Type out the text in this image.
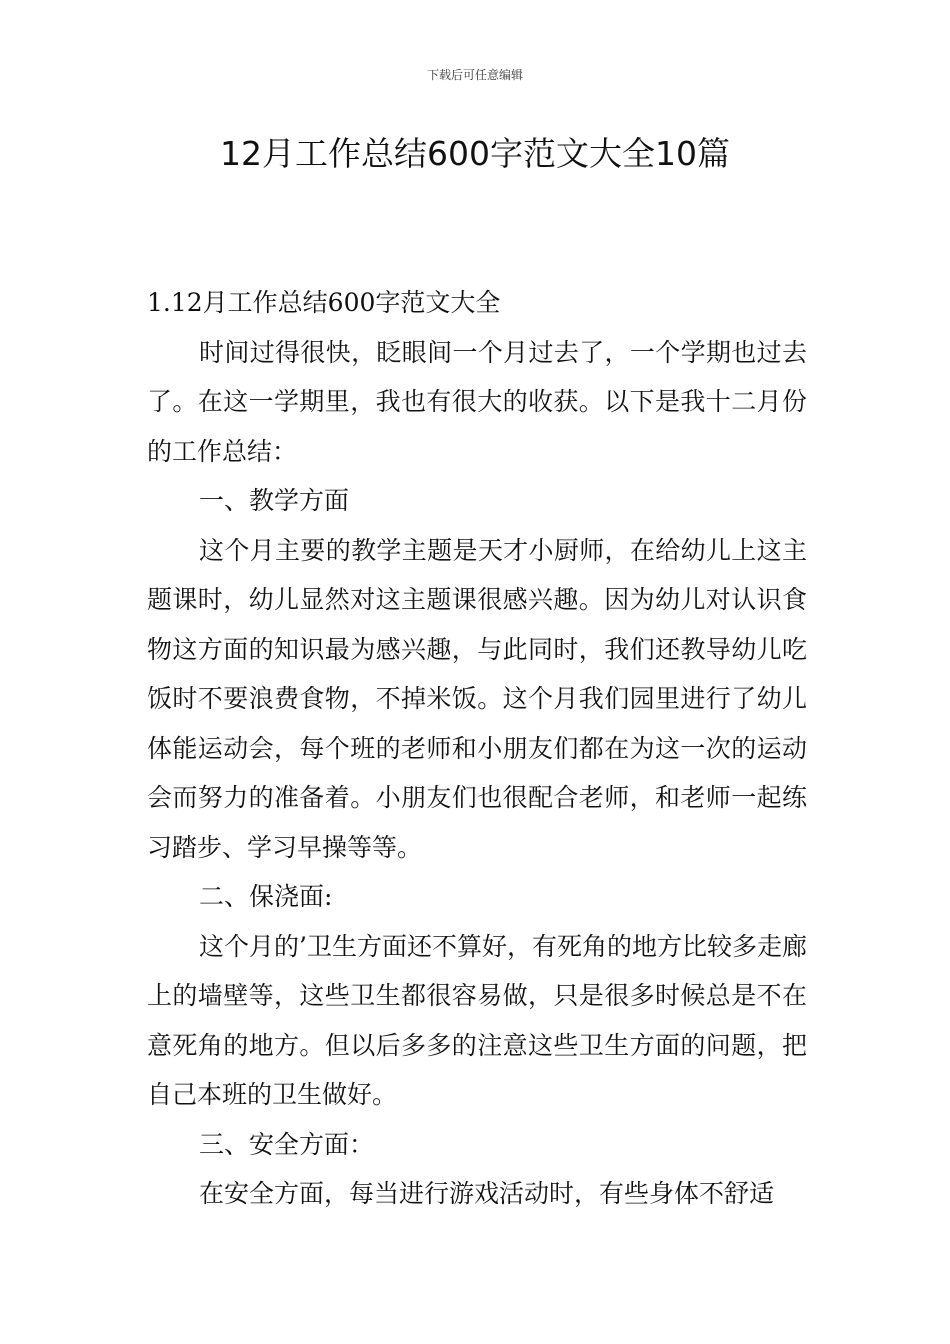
下载后可任意编辑
12月工作总结600字范文大全10篇

1.12月工作总结600字范文大全

时间过得很快，眨眼间一个月过去了，一个学期也过去了。在这一学期里，我也有很大的收获。以下是我十二月份的工作总结：

一、教学方面

这个月主要的教学主题是天才小厨师，在给幼儿上这主题课时，幼儿显然对这主题课很感兴趣。因为幼儿对认识食物这方面的知识最为感兴趣，与此同时，我们还教导幼儿吃饭时不要浪费食物，不掉米饭。这个月我们园里进行了幼儿体能运动会，每个班的老师和小朋友们都在为这一次的运动会而努力的准备着。小朋友们也很配合老师，和老师一起练习踏步、学习早操等等。

二、保浇面:

这个月的’卫生方面还不算好，有死角的地方比较多走廊上的墙壁等，这些卫生都很容易做，只是很多时候总是不在意死角的地方。但以后多多的注意这些卫生方面的问题，把自己本班的卫生做好。

三、安全方面：

在安全方面，每当进行游戏活动时，有些身体不舒适
